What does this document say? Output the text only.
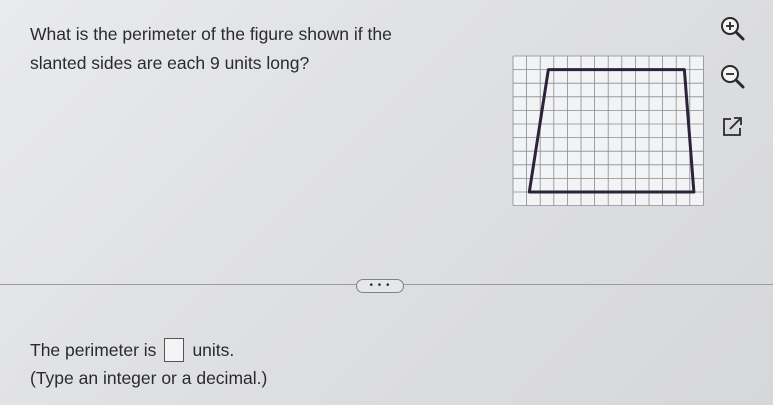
What is the perimeter of the figure shown if the
slanted sides are each 9 units long?
• • •
The perimeter is units.
(Type an integer or a decimal.)
